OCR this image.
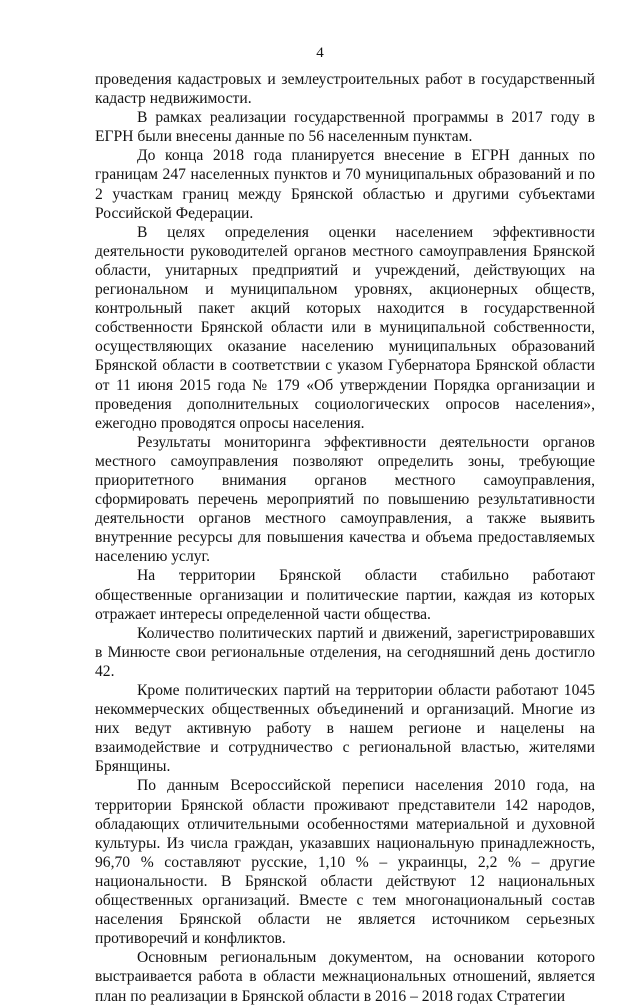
4

проведения кадастровых и землеустроительных работ в государственный кадастр недвижимости.

В рамках реализации государственной программы в 2017 году в ЕГРН были внесены данные по 56 населенным пунктам.

До конца 2018 года планируется внесение в ЕГРН данных по границам 247 населенных пунктов и 70 муниципальных образований и по 2 участкам границ между Брянской областью и другими субъектами Российской Федерации.

В целях определения оценки населением эффективности деятельности руководителей органов местного самоуправления Брянской области, унитарных предприятий и учреждений, действующих на региональном и муниципальном уровнях, акционерных обществ, контрольный пакет акций которых находится в государственной собственности Брянской области или в муниципальной собственности, осуществляющих оказание населению муниципальных образований Брянской области в соответствии с указом Губернатора Брянской области от 11 июня 2015 года № 179 «Об утверждении Порядка организации и проведения дополнительных социологических опросов населения», ежегодно проводятся опросы населения.

Результаты мониторинга эффективности деятельности органов местного самоуправления позволяют определить зоны, требующие приоритетного внимания органов местного самоуправления, сформировать перечень мероприятий по повышению результативности деятельности органов местного самоуправления, а также выявить внутренние ресурсы для повышения качества и объема предоставляемых населению услуг.

На территории Брянской области стабильно работают общественные организации и политические партии, каждая из которых отражает интересы определенной части общества.

Количество политических партий и движений, зарегистрировавших в Минюсте свои региональные отделения, на сегодняшний день достигло 42.

Кроме политических партий на территории области работают 1045 некоммерческих общественных объединений и организаций. Многие из них ведут активную работу в нашем регионе и нацелены на взаимодействие и сотрудничество с региональной властью, жителями Брянщины.

По данным Всероссийской переписи населения 2010 года, на территории Брянской области проживают представители 142 народов, обладающих отличительными особенностями материальной и духовной культуры. Из числа граждан, указавших национальную принадлежность, 96,70 % составляют русские, 1,10 % – украинцы, 2,2 % – другие национальности. В Брянской области действуют 12 национальных общественных организаций. Вместе с тем многонациональный состав населения Брянской области не является источником серьезных противоречий и конфликтов.

Основным региональным документом, на основании которого выстраивается работа в области межнациональных отношений, является план по реализации в Брянской области в 2016 – 2018 годах Стратегии
